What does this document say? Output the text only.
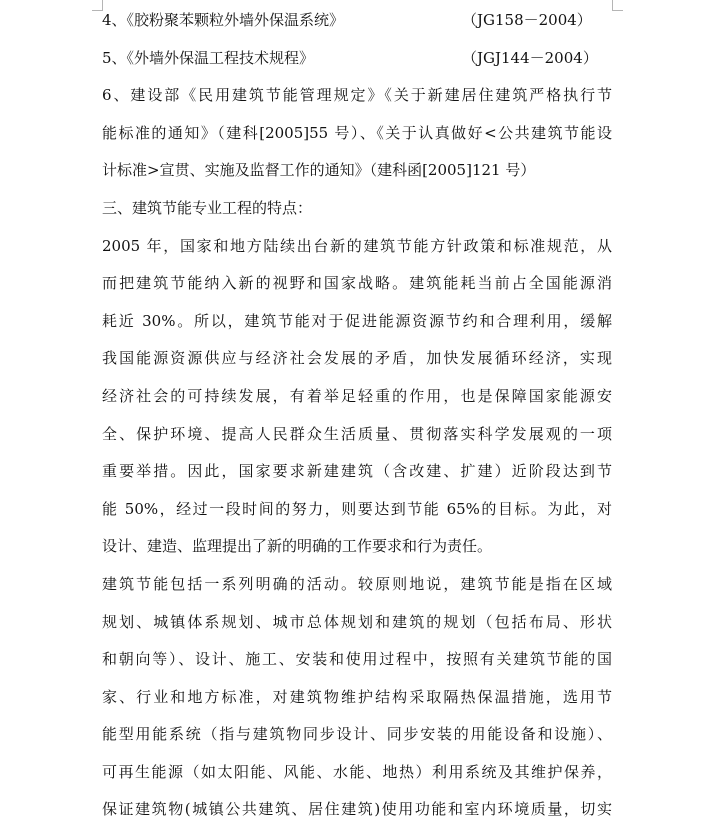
4、《胶粉聚苯颗粒外墙外保温系统》	（JG158－2004）
5、《外墙外保温工程技术规程》	（JGJ144－2004）
6、建设部《民用建筑节能管理规定》《关于新建居住建筑严格执行节
能标准的通知》（建科[2005]55 号）、《关于认真做好<公共建筑节能设
计标准>宣贯、实施及监督工作的通知》（建科函[2005]121 号）
三、建筑节能专业工程的特点：
2005 年，国家和地方陆续出台新的建筑节能方针政策和标准规范，从
而把建筑节能纳入新的视野和国家战略。建筑能耗当前占全国能源消
耗近 30%。所以，建筑节能对于促进能源资源节约和合理利用，缓解
我国能源资源供应与经济社会发展的矛盾，加快发展循环经济，实现
经济社会的可持续发展，有着举足轻重的作用，也是保障国家能源安
全、保护环境、提高人民群众生活质量、贯彻落实科学发展观的一项
重要举措。因此，国家要求新建建筑（含改建、扩建）近阶段达到节
能 50%，经过一段时间的努力，则要达到节能 65%的目标。为此，对
设计、建造、监理提出了新的明确的工作要求和行为责任。
建筑节能包括一系列明确的活动。较原则地说，建筑节能是指在区域
规划、城镇体系规划、城市总体规划和建筑的规划（包括布局、形状
和朝向等）、设计、施工、安装和使用过程中，按照有关建筑节能的国
家、行业和地方标准，对建筑物维护结构采取隔热保温措施，选用节
能型用能系统（指与建筑物同步设计、同步安装的用能设备和设施）、
可再生能源（如太阳能、风能、水能、地热）利用系统及其维护保养，
保证建筑物(城镇公共建筑、居住建筑)使用功能和室内环境质量，切实
